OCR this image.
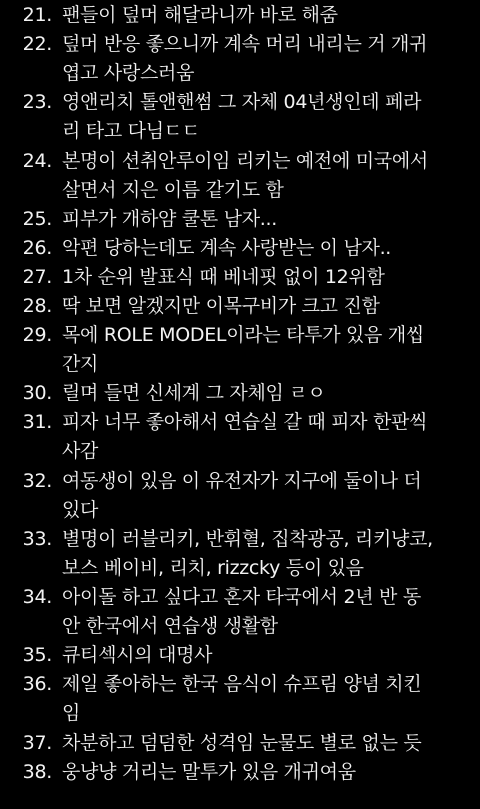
21. 팬들이 덮머 해달라니까 바로 해줌
22. 덮머 반응 좋으니까 계속 머리 내리는 거 개귀
엽고 사랑스러움
23. 영앤리치 톨앤핸썸 그 자체 04년생인데 페라
리 타고 다님ㄷㄷ
24. 본명이 션취안루이임 리키는 예전에 미국에서
살면서 지은 이름 같기도 함
25. 피부가 개하얌 쿨톤 남자...
26. 악편 당하는데도 계속 사랑받는 이 남자..
27. 1차 순위 발표식 때 베네핏 없이 12위함
28. 딱 보면 알겠지만 이목구비가 크고 진함
29. 목에 ROLE MODEL이라는 타투가 있음 개씹
간지
30. 릴며 들면 신세계 그 자체임 ㄹㅇ
31. 피자 너무 좋아해서 연습실 갈 때 피자 한판씩
사감
32. 여동생이 있음 이 유전자가 지구에 둘이나 더
있다
33. 별명이 러블리키, 반휘혈, 집착광공, 리키냥코,
보스 베이비, 리치, rizzcky 등이 있음
34. 아이돌 하고 싶다고 혼자 타국에서 2년 반 동
안 한국에서 연습생 생활함
35. 큐티섹시의 대명사
36. 제일 좋아하는 한국 음식이 슈프림 양념 치킨
임
37. 차분하고 덤덤한 성격임 눈물도 별로 없는 듯
38. 웅냥냥 거리는 말투가 있음 개귀여움
